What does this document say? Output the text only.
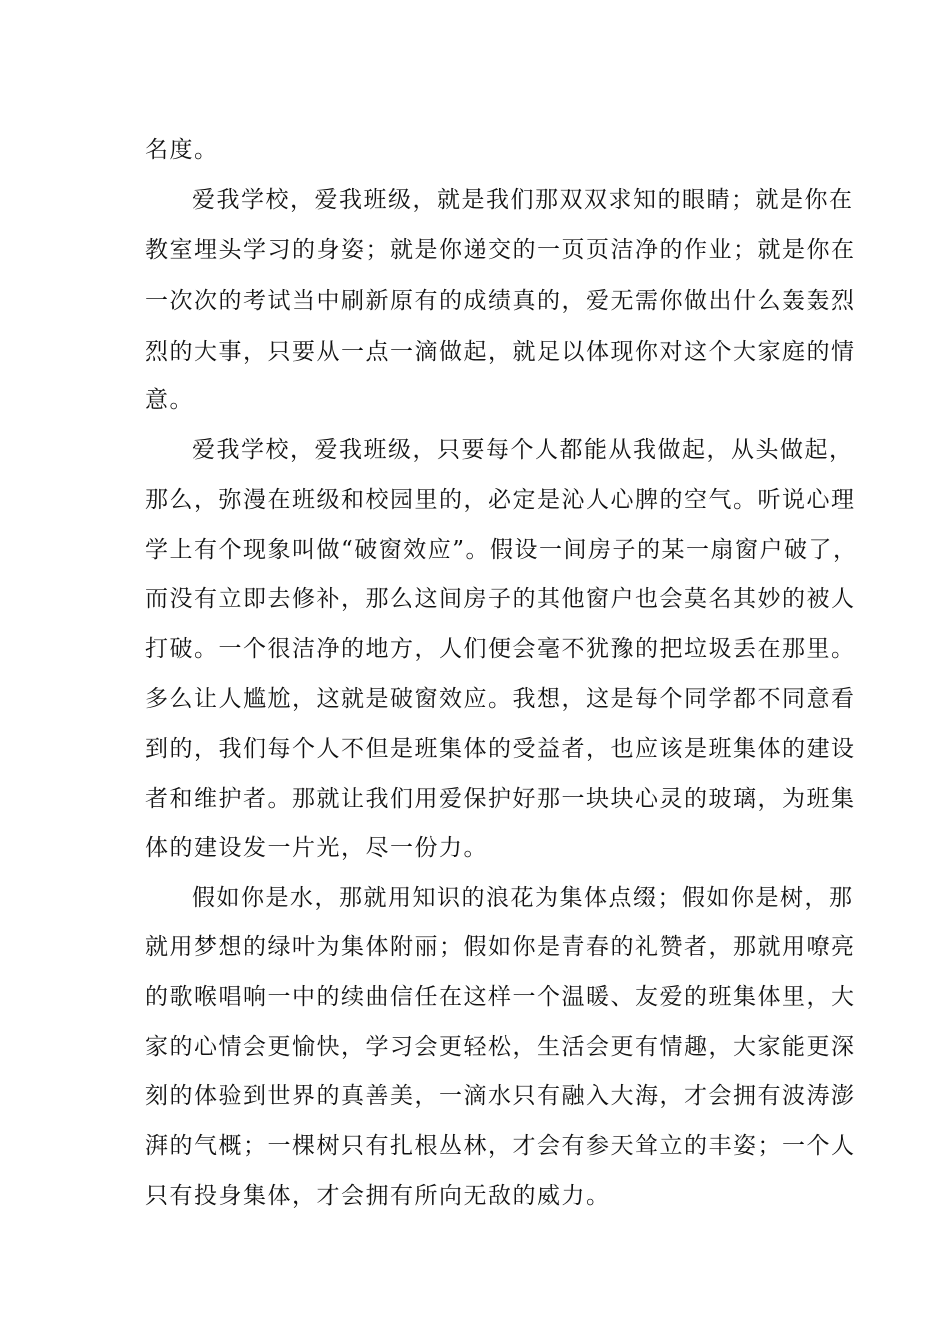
名度。
爱我学校，爱我班级，就是我们那双双求知的眼睛；就是你在
教室埋头学习的身姿；就是你递交的一页页洁净的作业；就是你在
一次次的考试当中刷新原有的成绩真的，爱无需你做出什么轰轰烈
烈的大事，只要从一点一滴做起，就足以体现你对这个大家庭的情
意。
爱我学校，爱我班级，只要每个人都能从我做起，从头做起，
那么，弥漫在班级和校园里的，必定是沁人心脾的空气。听说心理
学上有个现象叫做“破窗效应”。假设一间房子的某一扇窗户破了，
而没有立即去修补，那么这间房子的其他窗户也会莫名其妙的被人
打破。一个很洁净的地方，人们便会毫不犹豫的把垃圾丢在那里。
多么让人尴尬，这就是破窗效应。我想，这是每个同学都不同意看
到的，我们每个人不但是班集体的受益者，也应该是班集体的建设
者和维护者。那就让我们用爱保护好那一块块心灵的玻璃，为班集
体的建设发一片光，尽一份力。
假如你是水，那就用知识的浪花为集体点缀；假如你是树，那
就用梦想的绿叶为集体附丽；假如你是青春的礼赞者，那就用嘹亮
的歌喉唱响一中的续曲信任在这样一个温暖、友爱的班集体里，大
家的心情会更愉快，学习会更轻松，生活会更有情趣，大家能更深
刻的体验到世界的真善美，一滴水只有融入大海，才会拥有波涛澎
湃的气概；一棵树只有扎根丛林，才会有参天耸立的丰姿；一个人
只有投身集体，才会拥有所向无敌的威力。
